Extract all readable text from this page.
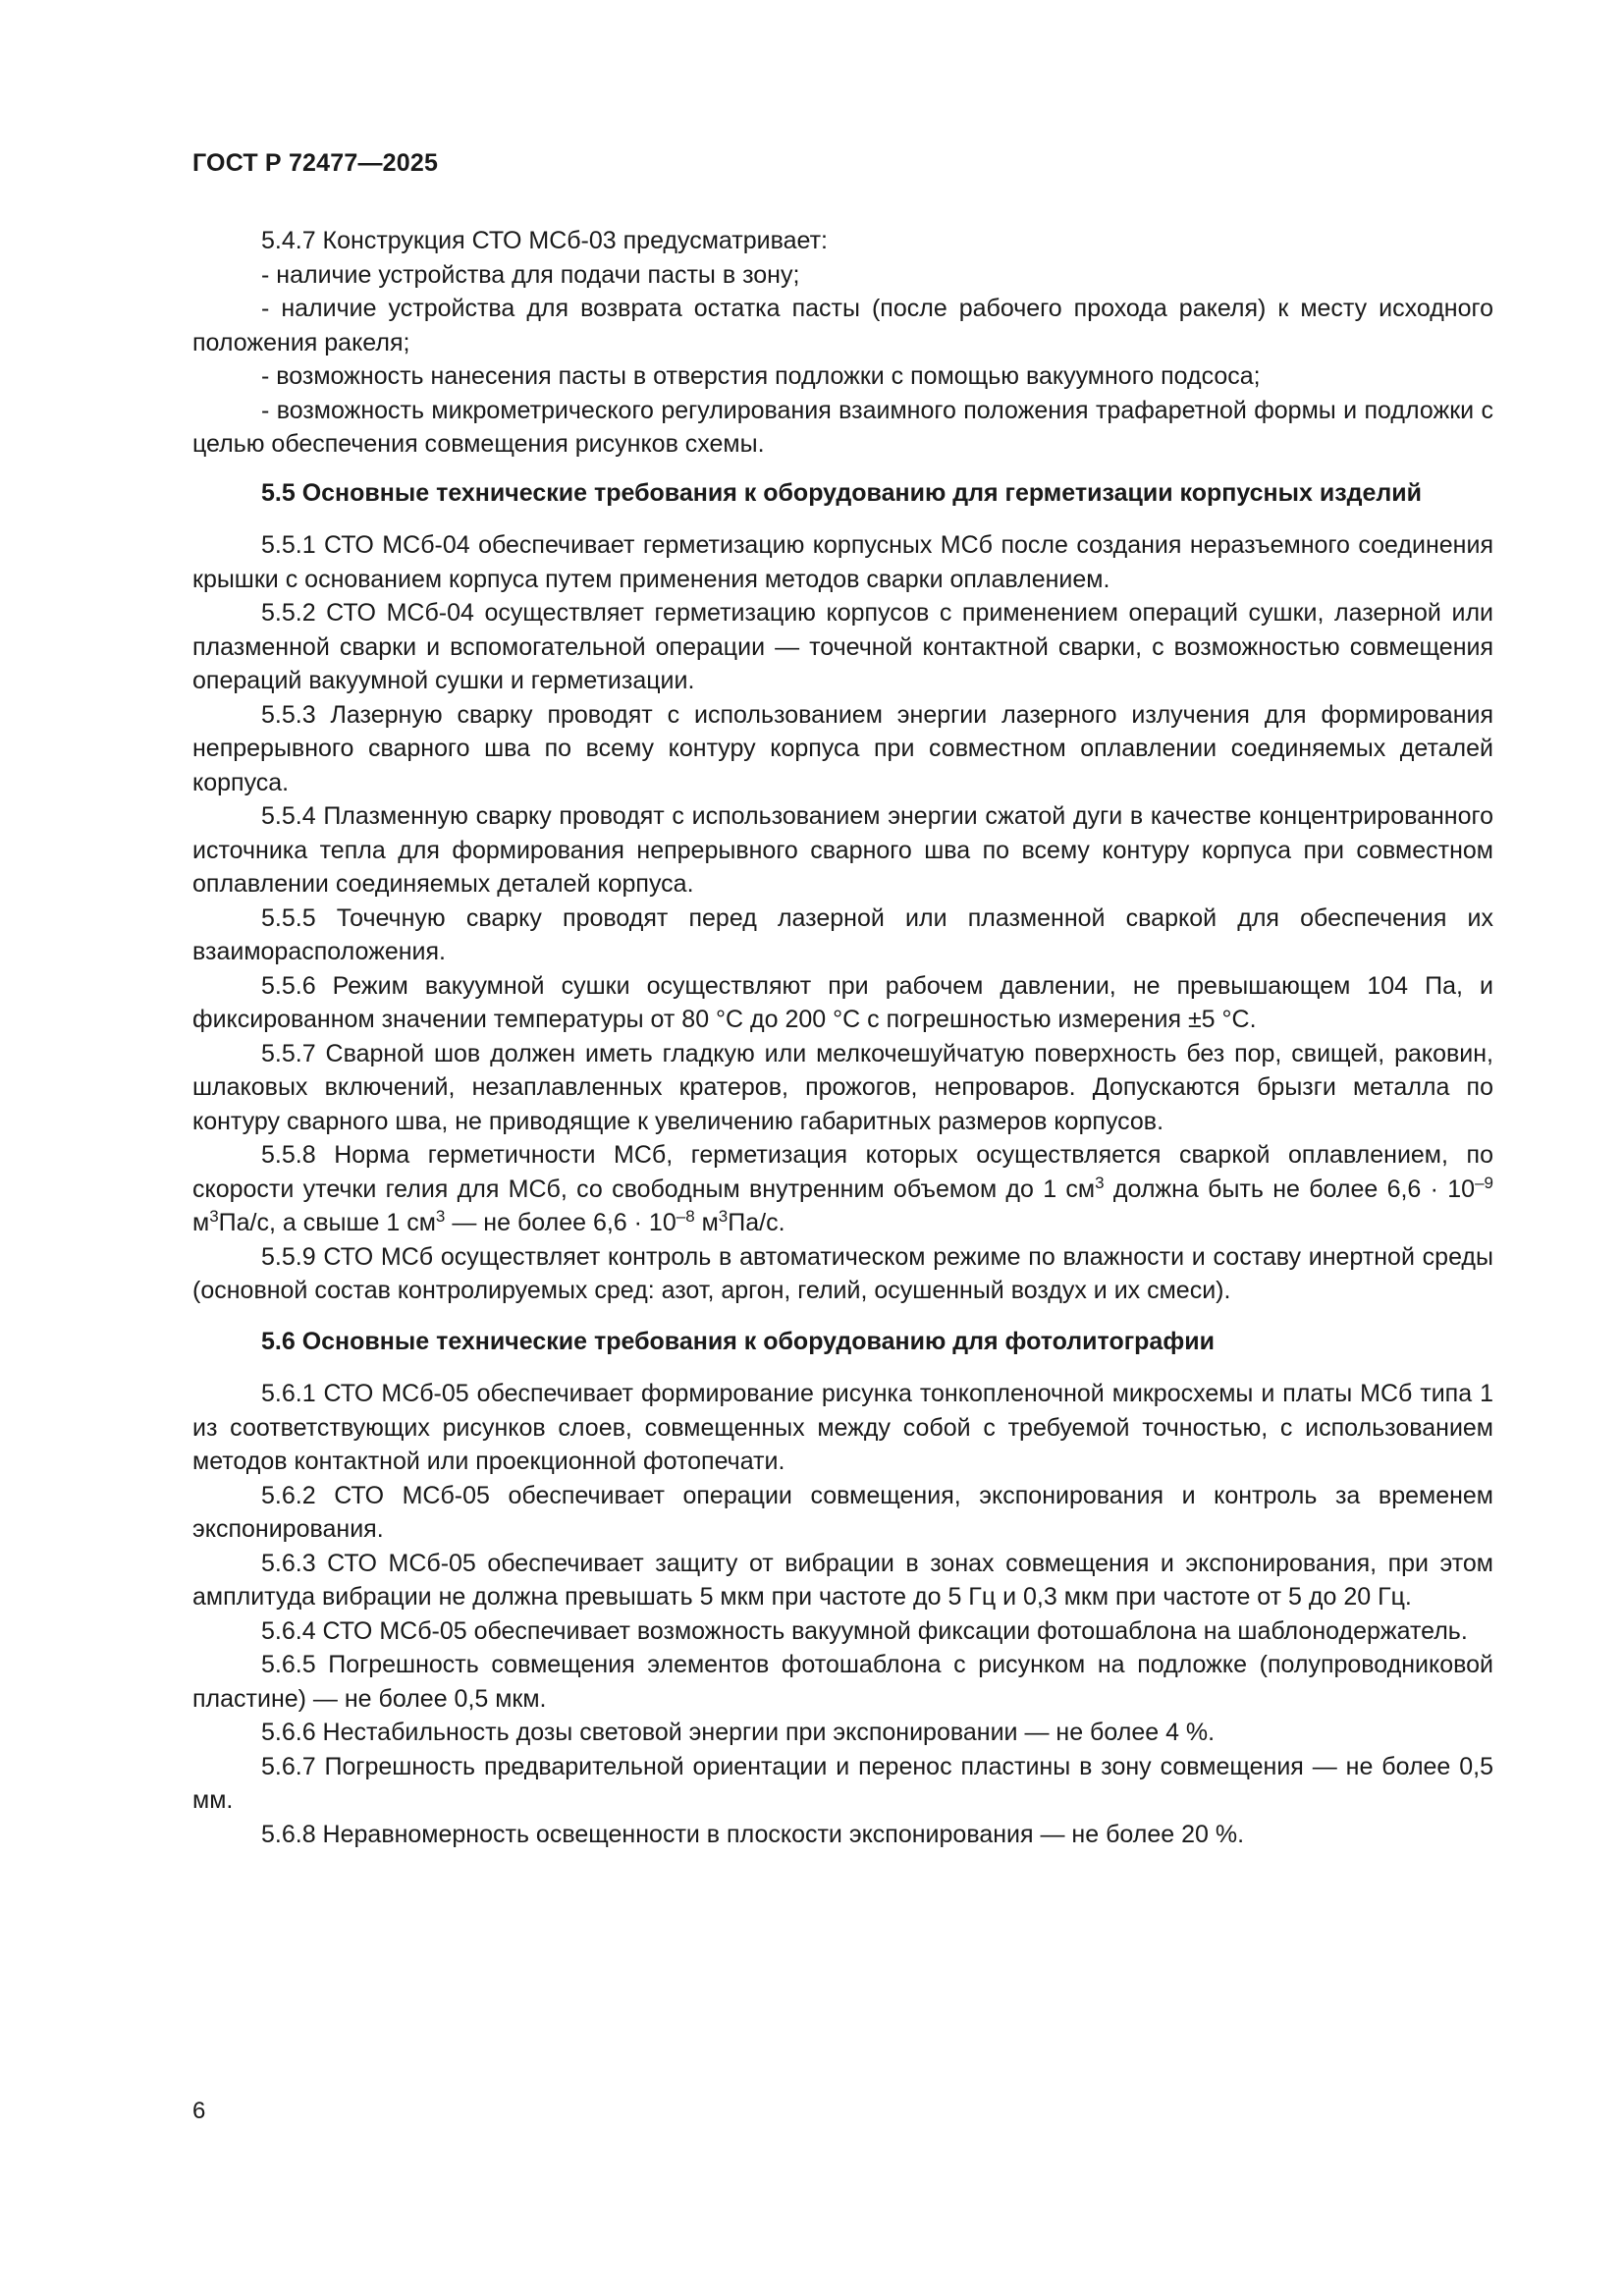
ГОСТ Р 72477—2025

5.4.7 Конструкция СТО МСб-03 предусматривает:

- наличие устройства для подачи пасты в зону;

- наличие устройства для возврата остатка пасты (после рабочего прохода ракеля) к месту исходного положения ракеля;

- возможность нанесения пасты в отверстия подложки с помощью вакуумного подсоса;

- возможность микрометрического регулирования взаимного положения трафаретной формы и подложки с целью обеспечения совмещения рисунков схемы.

5.5 Основные технические требования к оборудованию для герметизации корпусных изделий

5.5.1 СТО МСб-04 обеспечивает герметизацию корпусных МСб после создания неразъемного соединения крышки с основанием корпуса путем применения методов сварки оплавлением.

5.5.2 СТО МСб-04 осуществляет герметизацию корпусов с применением операций сушки, лазерной или плазменной сварки и вспомогательной операции — точечной контактной сварки, с возможностью совмещения операций вакуумной сушки и герметизации.

5.5.3 Лазерную сварку проводят с использованием энергии лазерного излучения для формирования непрерывного сварного шва по всему контуру корпуса при совместном оплавлении соединяемых деталей корпуса.

5.5.4 Плазменную сварку проводят с использованием энергии сжатой дуги в качестве концентрированного источника тепла для формирования непрерывного сварного шва по всему контуру корпуса при совместном оплавлении соединяемых деталей корпуса.

5.5.5 Точечную сварку проводят перед лазерной или плазменной сваркой для обеспечения их взаиморасположения.

5.5.6 Режим вакуумной сушки осуществляют при рабочем давлении, не превышающем 104 Па, и фиксированном значении температуры от 80 °С до 200 °С с погрешностью измерения ±5 °С.

5.5.7 Сварной шов должен иметь гладкую или мелкочешуйчатую поверхность без пор, свищей, раковин, шлаковых включений, незаплавленных кратеров, прожогов, непроваров. Допускаются брызги металла по контуру сварного шва, не приводящие к увеличению габаритных размеров корпусов.

5.5.8 Норма герметичности МСб, герметизация которых осуществляется сваркой оплавлением, по скорости утечки гелия для МСб, со свободным внутренним объемом до 1 $см^3$ должна быть не более $6,6 \cdot 10^{-9}$ $м^3Па/с$, а свыше 1 $см^3$ — не более $6,6 \cdot 10^{-8}$ $м^3Па/с$.

5.5.9 СТО МСб осуществляет контроль в автоматическом режиме по влажности и составу инертной среды (основной состав контролируемых сред: азот, аргон, гелий, осушенный воздух и их смеси).

5.6 Основные технические требования к оборудованию для фотолитографии

5.6.1 СТО МСб-05 обеспечивает формирование рисунка тонкопленочной микросхемы и платы МСб типа 1 из соответствующих рисунков слоев, совмещенных между собой с требуемой точностью, с использованием методов контактной или проекционной фотопечати.

5.6.2 СТО МСб-05 обеспечивает операции совмещения, экспонирования и контроль за временем экспонирования.

5.6.3 СТО МСб-05 обеспечивает защиту от вибрации в зонах совмещения и экспонирования, при этом амплитуда вибрации не должна превышать 5 мкм при частоте до 5 Гц и 0,3 мкм при частоте от 5 до 20 Гц.

5.6.4 СТО МСб-05 обеспечивает возможность вакуумной фиксации фотошаблона на шаблонодержатель.

5.6.5 Погрешность совмещения элементов фотошаблона с рисунком на подложке (полупроводниковой пластине) — не более 0,5 мкм.

5.6.6 Нестабильность дозы световой энергии при экспонировании — не более 4 %.

5.6.7 Погрешность предварительной ориентации и перенос пластины в зону совмещения — не более 0,5 мм.

5.6.8 Неравномерность освещенности в плоскости экспонирования — не более 20 %.

6
